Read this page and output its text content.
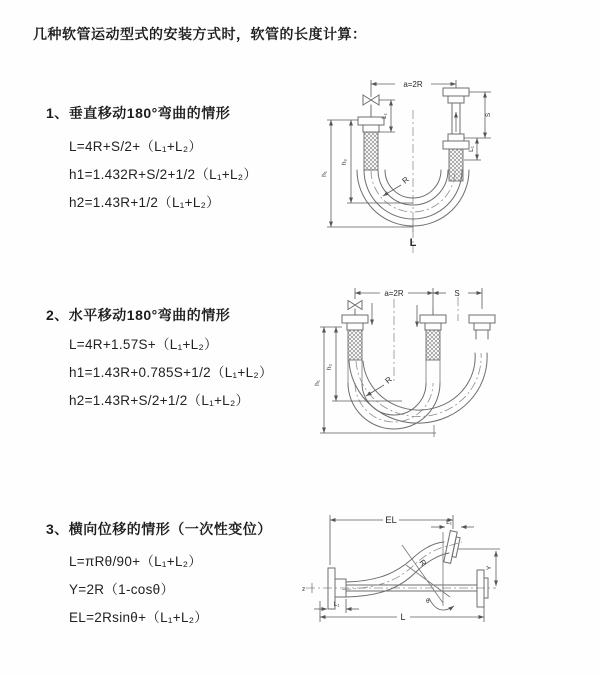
几种软管运动型式的安装方式时，软管的长度计算：
1、垂直移动180°弯曲的情形
L=4R+S/2+（L₁+L₂）
h1=1.432R+S/2+1/2（L₁+L₂）
h2=1.43R+1/2（L₁+L₂）
2、水平移动180°弯曲的情形
L=4R+1.57S+（L₁+L₂）
h1=1.43R+0.785S+1/2（L₁+L₂）
h2=1.43R+S/2+1/2（L₁+L₂）
3、横向位移的情形（一次性变位）
L=πRθ/90+（L₁+L₂）
Y=2R（1-cosθ）
EL=2Rsinθ+（L₁+L₂）
a=2R
L₁	S
L₁
h₁
h₂
R
L
a=2R	S
h₁
h₂
R
z
EL	L₁
R
θ
Y
L
L₁
